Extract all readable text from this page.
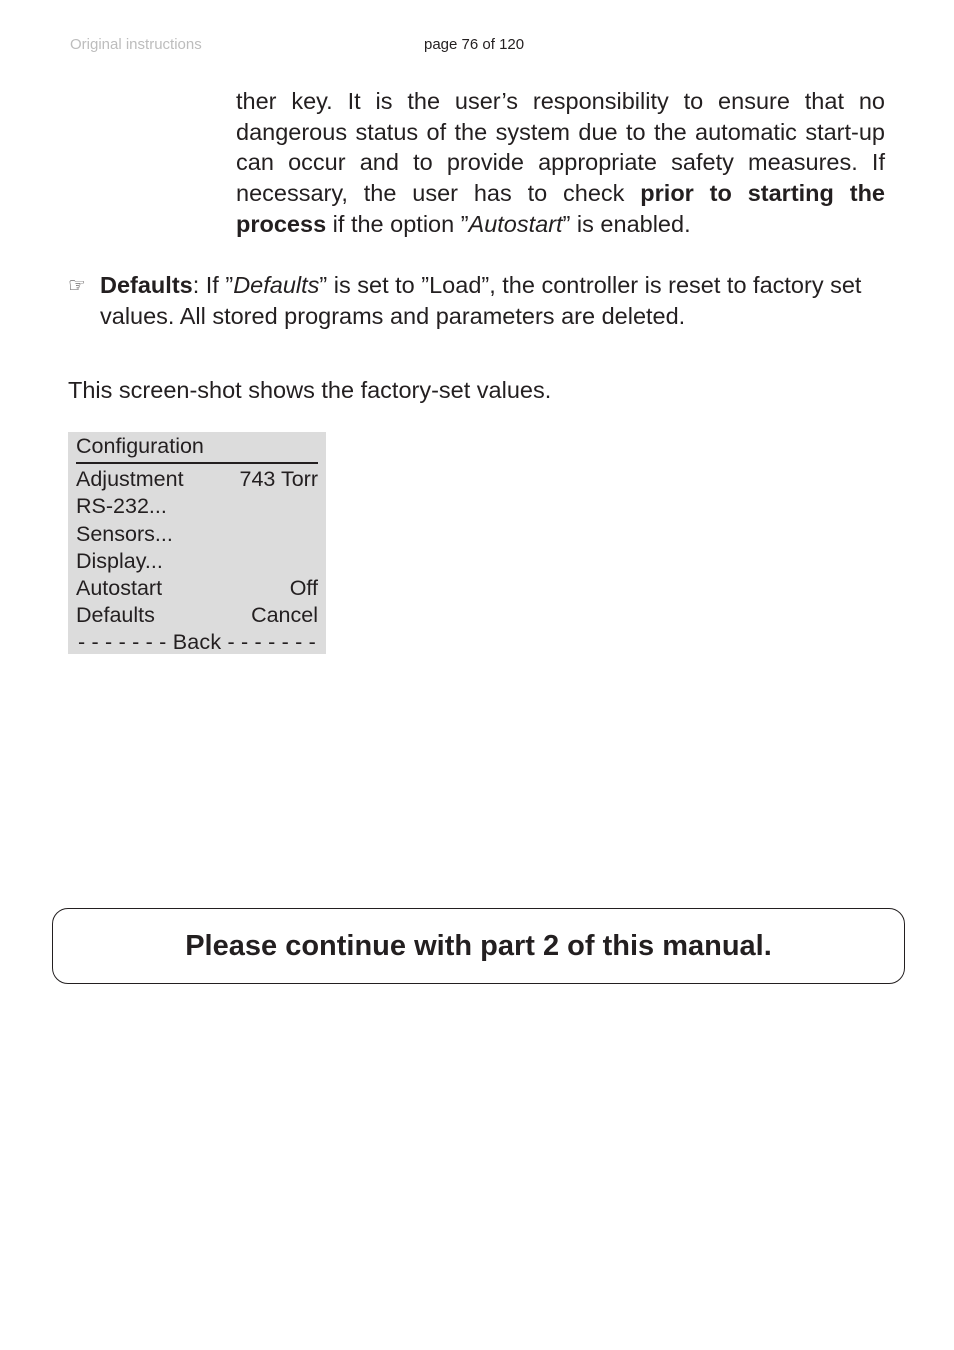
Original instructions	page 76 of 120
ther key. It is the user’s responsibility to ensure that no dangerous status of the system due to the automatic start-up can occur and to provide appropriate safety measures. If necessary, the user has to check prior to starting the process if the option ”Autostart” is enabled.
☞ Defaults: If ”Defaults” is set to ”Load”, the controller is reset to factory set values. All stored programs and parameters are deleted.
This screen-shot shows the factory-set values.
Configuration
Adjustment	743 Torr
RS-232...
Sensors...
Display...
Autostart	Off
Defaults	Cancel
- - - - - - - Back - - - - - - -
Please continue with part 2 of this manual.
